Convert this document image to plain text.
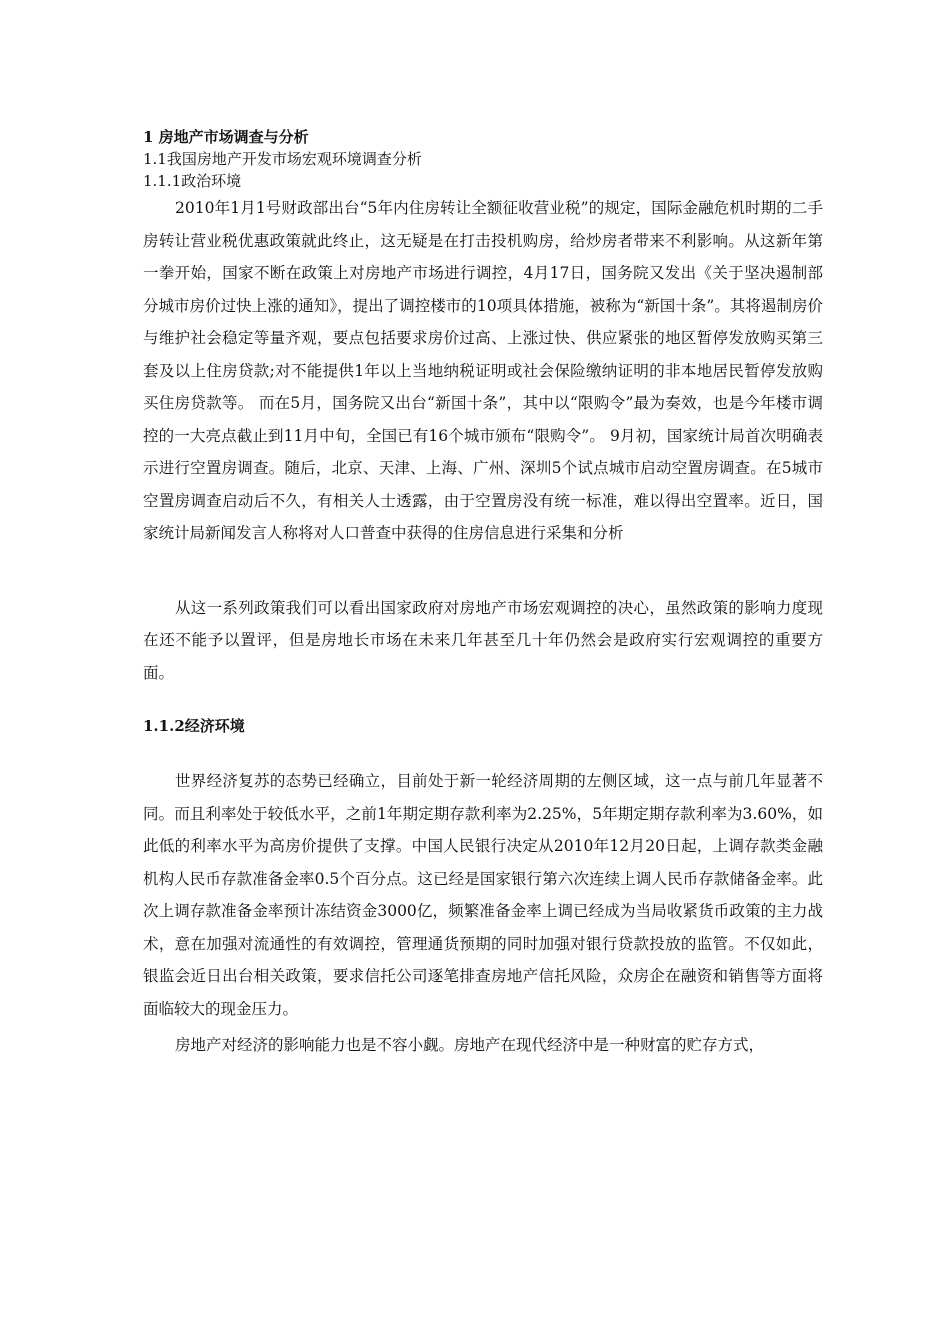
1 房地产市场调查与分析

1.1我国房地产开发市场宏观环境调查分析

1.1.1政治环境

2010年1月1号财政部出台“5年内住房转让全额征收营业税”的规定，国际金融危机时期的二手房转让营业税优惠政策就此终止，这无疑是在打击投机购房，给炒房者带来不利影响。从这新年第一拳开始，国家不断在政策上对房地产市场进行调控，4月17日，国务院又发出《关于坚决遏制部分城市房价过快上涨的通知》，提出了调控楼市的10项具体措施，被称为“新国十条”。其将遏制房价与维护社会稳定等量齐观，要点包括要求房价过高、上涨过快、供应紧张的地区暂停发放购买第三套及以上住房贷款;对不能提供1年以上当地纳税证明或社会保险缴纳证明的非本地居民暂停发放购买住房贷款等。 而在5月，国务院又出台“新国十条”，其中以“限购令”最为奏效，也是今年楼市调控的一大亮点截止到11月中旬，全国已有16个城市颁布“限购令”。 9月初，国家统计局首次明确表示进行空置房调查。随后，北京、天津、上海、广州、深圳5个试点城市启动空置房调查。在5城市空置房调查启动后不久，有相关人士透露，由于空置房没有统一标准，难以得出空置率。近日，国家统计局新闻发言人称将对人口普查中获得的住房信息进行采集和分析

从这一系列政策我们可以看出国家政府对房地产市场宏观调控的决心，虽然政策的影响力度现在还不能予以置评，但是房地长市场在未来几年甚至几十年仍然会是政府实行宏观调控的重要方面。

1.1.2经济环境

世界经济复苏的态势已经确立，目前处于新一轮经济周期的左侧区域，这一点与前几年显著不同。而且利率处于较低水平，之前1年期定期存款利率为2.25%，5年期定期存款利率为3.60%，如此低的利率水平为高房价提供了支撑。中国人民银行决定从2010年12月20日起，上调存款类金融机构人民币存款准备金率0.5个百分点。这已经是国家银行第六次连续上调人民币存款储备金率。此次上调存款准备金率预计冻结资金3000亿，频繁准备金率上调已经成为当局收紧货币政策的主力战术，意在加强对流通性的有效调控，管理通货预期的同时加强对银行贷款投放的监管。不仅如此，银监会近日出台相关政策，要求信托公司逐笔排查房地产信托风险，众房企在融资和销售等方面将面临较大的现金压力。

房地产对经济的影响能力也是不容小觑。房地产在现代经济中是一种财富的贮存方式，
